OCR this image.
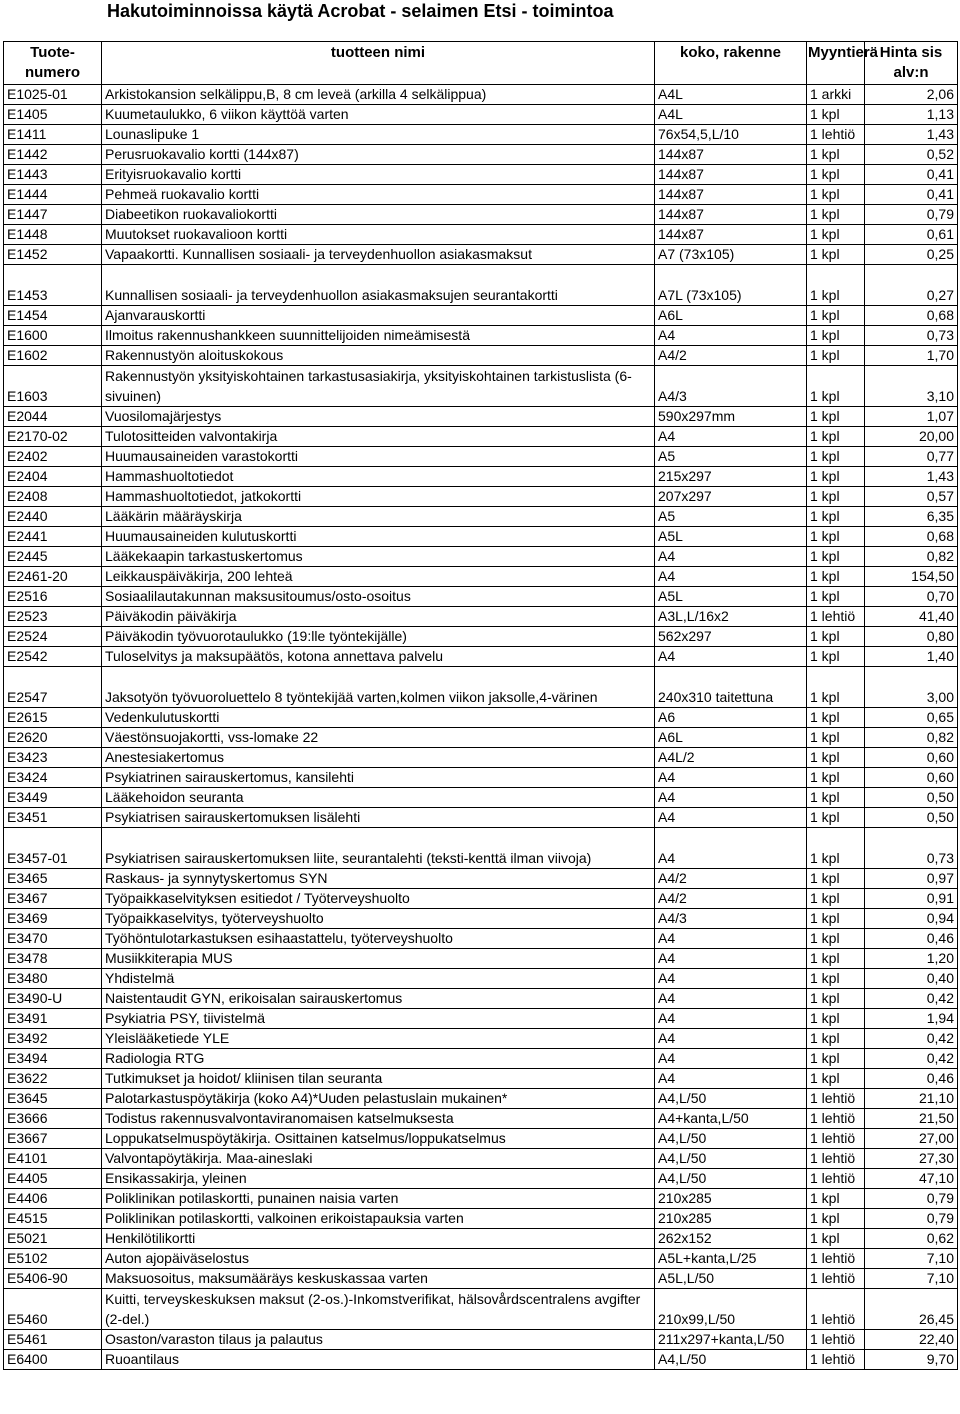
Hakutoiminnoissa käytä Acrobat - selaimen Etsi - toimintoa
Tuote-
numero	tuotteen nimi	koko, rakenne	Myyntierä	Hinta sis alv:n
E1025-01	Arkistokansion selkälippu,B, 8 cm leveä (arkilla 4 selkälippua)	A4L	1 arkki	2,06
E1405	Kuumetaulukko, 6 viikon käyttöä varten	A4L	1 kpl	1,13
E1411	Lounaslipuke 1	76x54,5,L/10	1 lehtiö	1,43
E1442	Perusruokavalio kortti (144x87)	144x87	1 kpl	0,52
E1443	Erityisruokavalio kortti	144x87	1 kpl	0,41
E1444	Pehmeä ruokavalio kortti	144x87	1 kpl	0,41
E1447	Diabeetikon ruokavaliokortti	144x87	1 kpl	0,79
E1448	Muutokset ruokavalioon kortti	144x87	1 kpl	0,61
E1452	Vapaakortti. Kunnallisen sosiaali- ja terveydenhuollon asiakasmaksut	A7 (73x105)	1 kpl	0,25
E1453	Kunnallisen sosiaali- ja terveydenhuollon asiakasmaksujen seurantakortti	A7L (73x105)	1 kpl	0,27
E1454	Ajanvarauskortti	A6L	1 kpl	0,68
E1600	Ilmoitus rakennushankkeen suunnittelijoiden nimeämisestä	A4	1 kpl	0,73
E1602	Rakennustyön aloituskokous	A4/2	1 kpl	1,70
E1603	Rakennustyön yksityiskohtainen tarkastusasiakirja, yksityiskohtainen tarkistuslista (6-sivuinen)	A4/3	1 kpl	3,10
E2044	Vuosilomajärjestys	590x297mm	1 kpl	1,07
E2170-02	Tulotositteiden valvontakirja	A4	1 kpl	20,00
E2402	Huumausaineiden varastokortti	A5	1 kpl	0,77
E2404	Hammashuoltotiedot	215x297	1 kpl	1,43
E2408	Hammashuoltotiedot, jatkokortti	207x297	1 kpl	0,57
E2440	Lääkärin määräyskirja	A5	1 kpl	6,35
E2441	Huumausaineiden kulutuskortti	A5L	1 kpl	0,68
E2445	Lääkekaapin tarkastuskertomus	A4	1 kpl	0,82
E2461-20	Leikkauspäiväkirja, 200 lehteä	A4	1 kpl	154,50
E2516	Sosiaalilautakunnan maksusitoumus/osto-osoitus	A5L	1 kpl	0,70
E2523	Päiväkodin päiväkirja	A3L,L/16x2	1 lehtiö	41,40
E2524	Päiväkodin työvuorotaulukko (19:lle työntekijälle)	562x297	1 kpl	0,80
E2542	Tuloselvitys ja maksupäätös, kotona annettava palvelu	A4	1 kpl	1,40
E2547	Jaksotyön työvuoroluettelo 8 työntekijää varten,kolmen viikon jaksolle,4-värinen	240x310 taitettuna	1 kpl	3,00
E2615	Vedenkulutuskortti	A6	1 kpl	0,65
E2620	Väestönsuojakortti, vss-lomake 22	A6L	1 kpl	0,82
E3423	Anestesiakertomus	A4L/2	1 kpl	0,60
E3424	Psykiatrinen sairauskertomus, kansilehti	A4	1 kpl	0,60
E3449	Lääkehoidon seuranta	A4	1 kpl	0,50
E3451	Psykiatrisen sairauskertomuksen lisälehti	A4	1 kpl	0,50
E3457-01	Psykiatrisen sairauskertomuksen liite, seurantalehti (teksti-kenttä ilman viivoja)	A4	1 kpl	0,73
E3465	Raskaus- ja synnytyskertomus SYN	A4/2	1 kpl	0,97
E3467	Työpaikkaselvityksen esitiedot / Työterveyshuolto	A4/2	1 kpl	0,91
E3469	Työpaikkaselvitys, työterveyshuolto	A4/3	1 kpl	0,94
E3470	Työhöntulotarkastuksen esihaastattelu, työterveyshuolto	A4	1 kpl	0,46
E3478	Musiikkiterapia MUS	A4	1 kpl	1,20
E3480	Yhdistelmä	A4	1 kpl	0,40
E3490-U	Naistentaudit GYN, erikoisalan sairauskertomus	A4	1 kpl	0,42
E3491	Psykiatria PSY, tiivistelmä	A4	1 kpl	1,94
E3492	Yleislääketiede YLE	A4	1 kpl	0,42
E3494	Radiologia RTG	A4	1 kpl	0,42
E3622	Tutkimukset ja hoidot/ kliinisen tilan seuranta	A4	1 kpl	0,46
E3645	Palotarkastuspöytäkirja (koko A4)*Uuden pelastuslain mukainen*	A4,L/50	1 lehtiö	21,10
E3666	Todistus rakennusvalvontaviranomaisen katselmuksesta	A4+kanta,L/50	1 lehtiö	21,50
E3667	Loppukatselmuspöytäkirja. Osittainen katselmus/loppukatselmus	A4,L/50	1 lehtiö	27,00
E4101	Valvontapöytäkirja. Maa-aineslaki	A4,L/50	1 lehtiö	27,30
E4405	Ensikassakirja, yleinen	A4,L/50	1 lehtiö	47,10
E4406	Poliklinikan potilaskortti, punainen naisia varten	210x285	1 kpl	0,79
E4515	Poliklinikan potilaskortti, valkoinen erikoistapauksia varten	210x285	1 kpl	0,79
E5021	Henkilötilikortti	262x152	1 kpl	0,62
E5102	Auton ajopäiväselostus	A5L+kanta,L/25	1 lehtiö	7,10
E5406-90	Maksuosoitus, maksumääräys keskuskassaa varten	A5L,L/50	1 lehtiö	7,10
E5460	Kuitti, terveyskeskuksen maksut (2-os.)-Inkomstverifikat, hälsovårdscentralens avgifter (2-del.)	210x99,L/50	1 lehtiö	26,45
E5461	Osaston/varaston tilaus ja palautus	211x297+kanta,L/50	1 lehtiö	22,40
E6400	Ruoantilaus	A4,L/50	1 lehtiö	9,70
